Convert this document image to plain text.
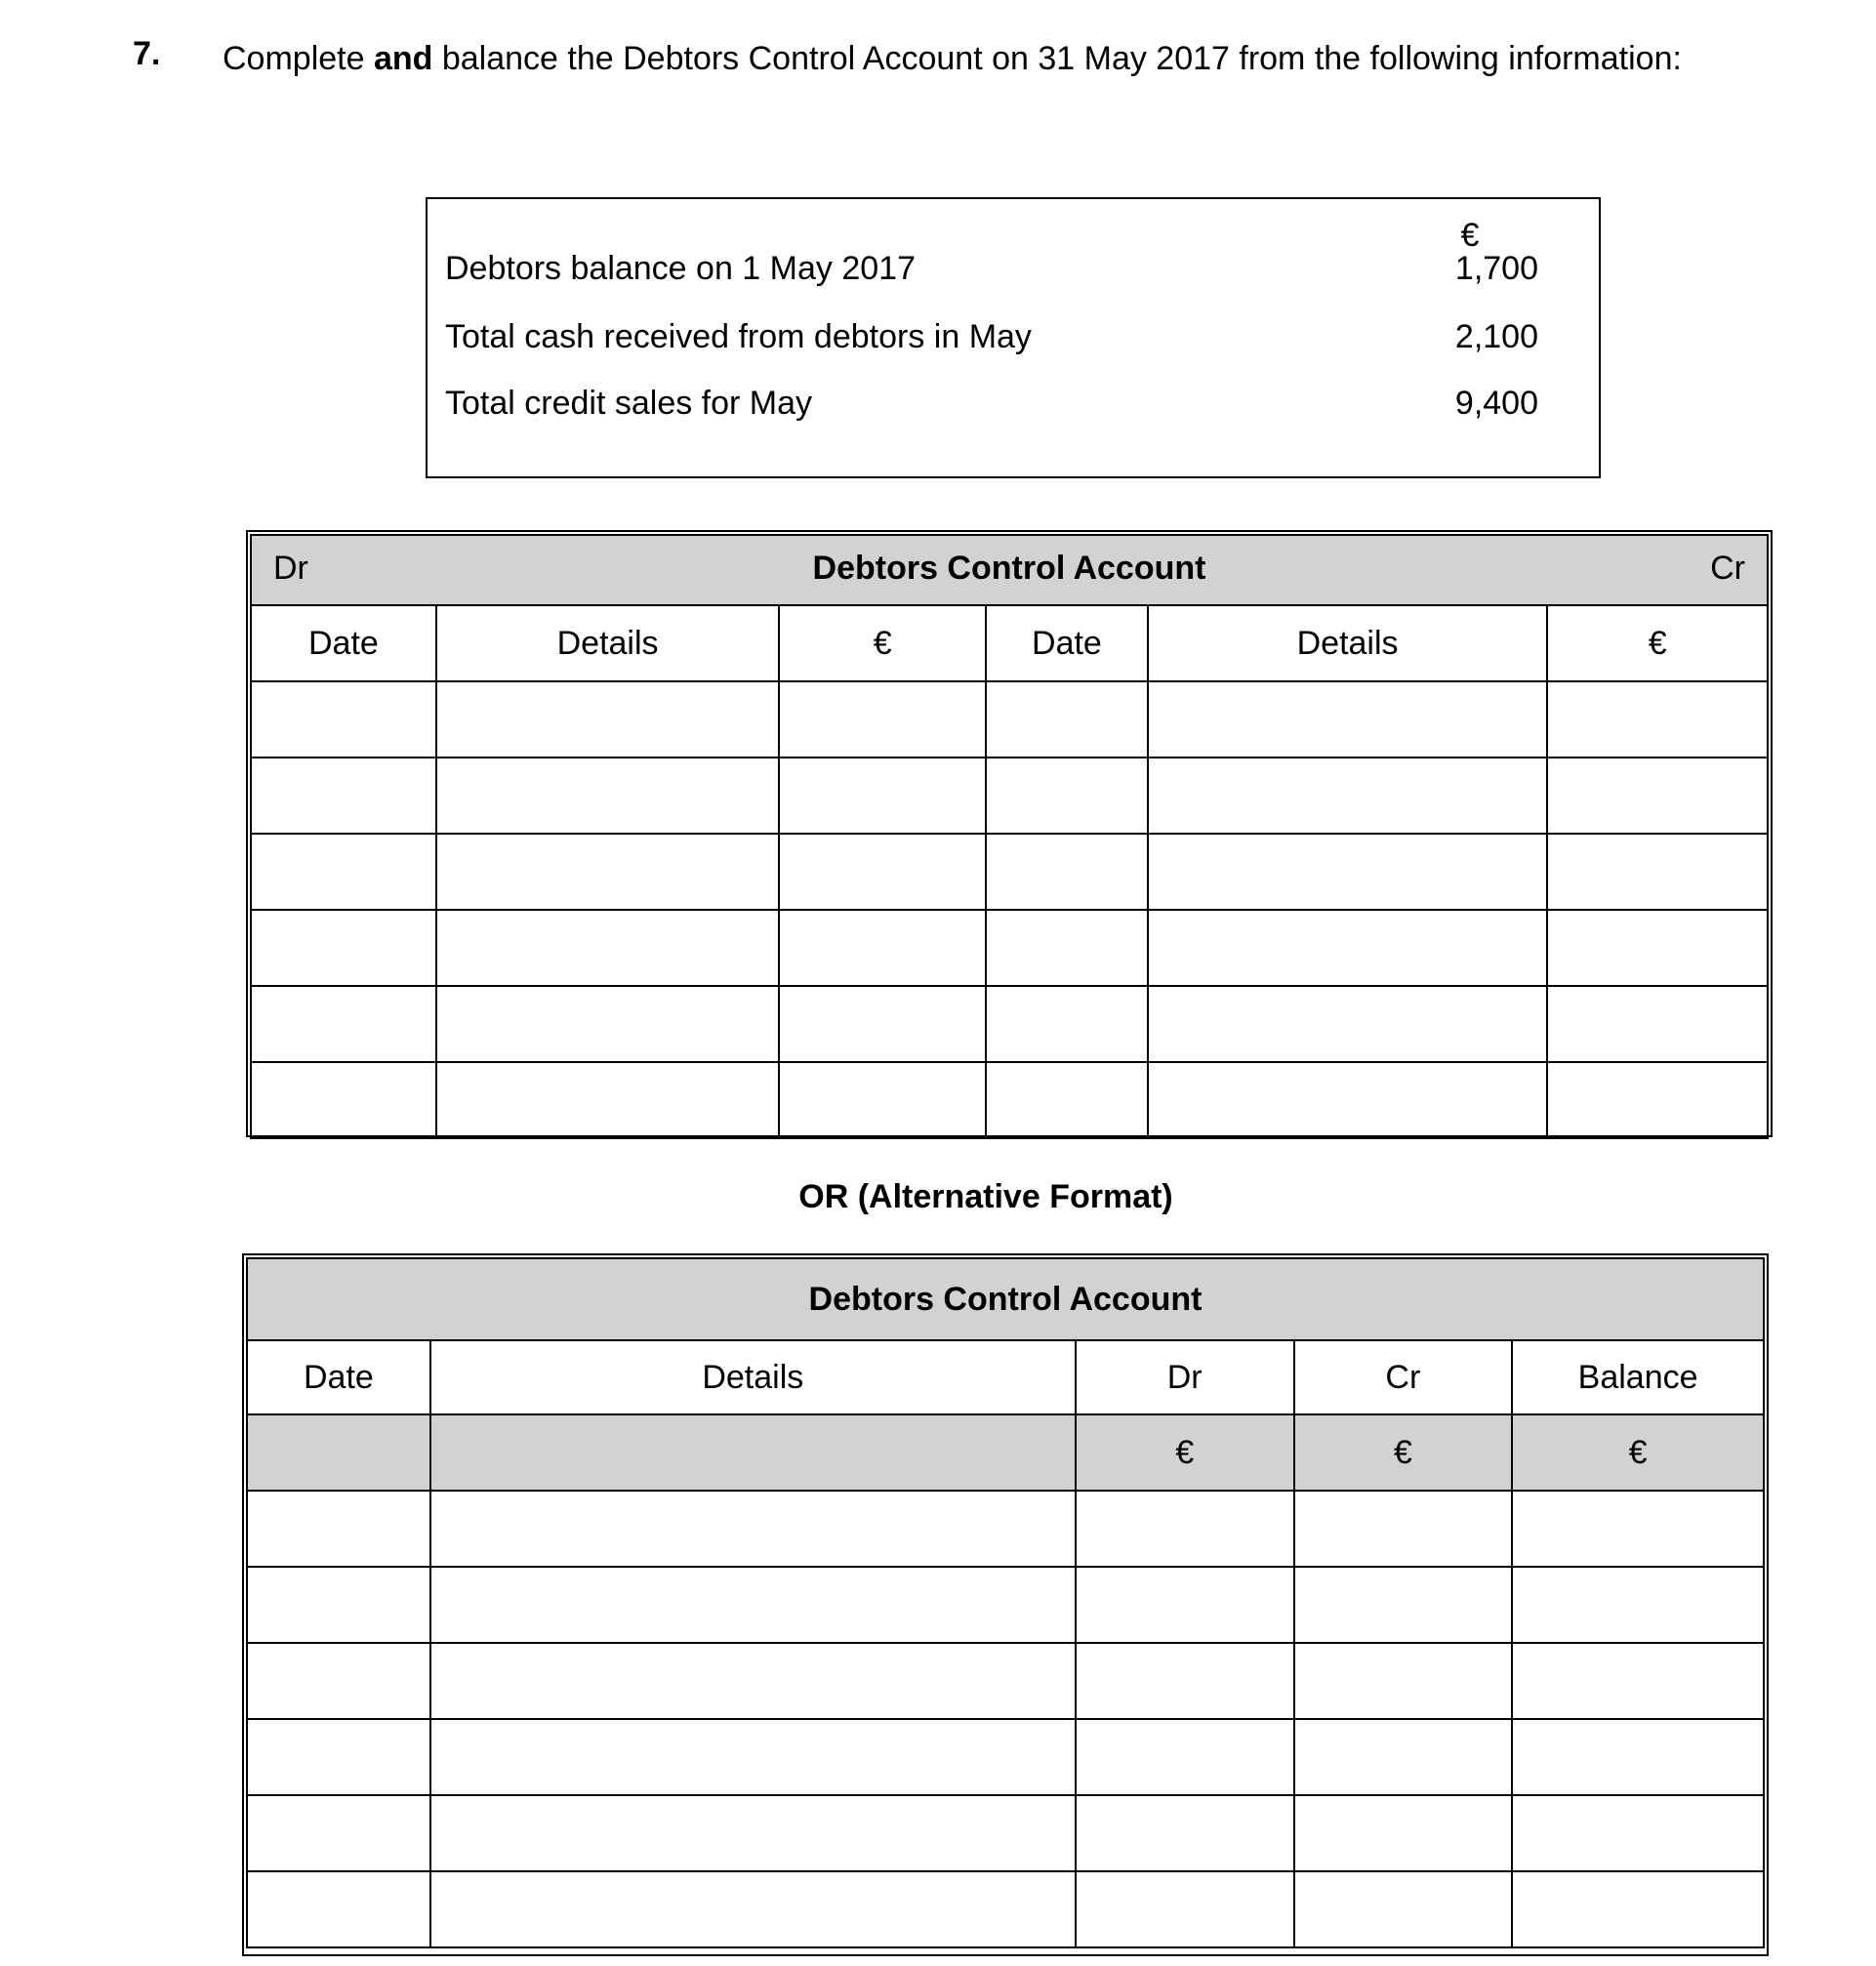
7. Complete and balance the Debtors Control Account on 31 May 2017 from the following information:
€
Debtors balance on 1 May 2017	1,700
Total cash received from debtors in May	2,100
Total credit sales for May	9,400
Dr Debtors Control Account Cr					

Date	Details	€	Date	Details	€

OR (Alternative Format)
Debtors Control Account				
Date	Details	Dr	Cr	Balance
		€	€	€
